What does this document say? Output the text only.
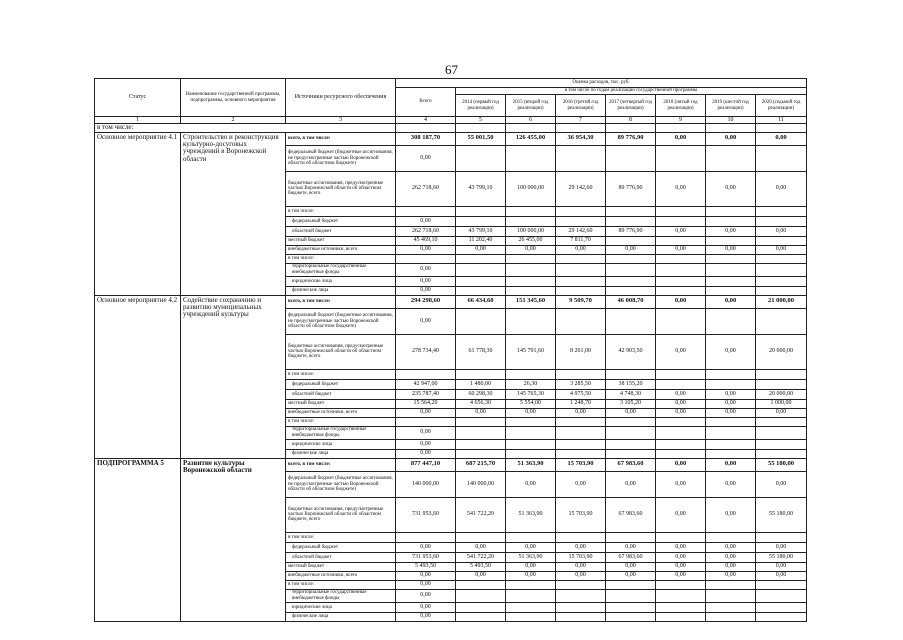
67
Статус	Наименование государственной программы, подпрограммы, основного мероприятия	Источники ресурсного обеспечения	Оценка расходов, тыс. руб.							
			Всего	в том числе по годам реализации государственной программы						
				2014 (первый год реализации)	2015 (второй год реализации)	2016 (третий год реализации)	2017 (четвертый год реализации)	2018 (пятый год реализации)	2019 (шестой год реализации)	2020 (седьмой год реализации)
1	2	3	4	5	6	7	8	9	10	11
в том числе:										
Основное мероприятие 4.1	Строительство и реконструкция культурно-досуговых учреждений в Воронежской области	всего, в том числе:	308 187,70	55 001,50	126 455,00	36 954,30	89 776,90	0,00	0,00	0,00
		федеральный бюджет (бюджетные ассигнования, не предусмотренные частью Воронежской области об областном бюджете)	0,00							
		бюджетные ассигнования, предусмотренные частью Воронежской области об областном бюджете, всего	262 718,60	43 799,10	100 000,00	29 142,60	89 776,90	0,00	0,00	0,00
		в том числе:								
		федеральный бюджет	0,00							
		областной бюджет	262 718,60	43 799,10	100 000,00	29 142,60	89 776,90	0,00	0,00	0,00
		местный бюджет	45 469,10	11 202,40	26 455,00	7 811,70				
		внебюджетные источники, всего	0,00	0,00	0,00	0,00	0,00	0,00	0,00	0,00
		в том числе:								
		территориальные государственные внебюджетные фонды	0,00							
		юридические лица	0,00							
		физические лица	0,00							
Основное мероприятие 4.2	Содействие сохранению и развитию муниципальных учреждений культуры	всего, в том числе:	294 298,60	66 434,60	151 345,60	9 509,70	46 008,70	0,00	0,00	21 000,00
		федеральный бюджет (бюджетные ассигнования, не предусмотренные частью Воронежской области об областном бюджете)	0,00							
		бюджетные ассигнования, предусмотренные частью Воронежской области об областном бюджете, всего	278 734,40	61 778,30	145 791,60	8 261,00	42 903,50	0,00	0,00	20 000,00
		в том числе:								
		федеральный бюджет	42 947,00	1 480,00	26,30	3 285,50	38 155,20			
		областной бюджет	235 787,40	60 298,30	145 765,30	4 975,50	4 748,30	0,00	0,00	20 000,00
		местный бюджет	15 564,20	4 656,30	5 554,00	1 248,70	3 105,20	0,00	0,00	1 000,00
		внебюджетные источники, всего	0,00	0,00	0,00	0,00	0,00	0,00	0,00	0,00
		в том числе:								
		территориальные государственные внебюджетные фонды	0,00							
		юридические лица	0,00							
		физические лица	0,00							
ПОДПРОГРАММА 5	Развитие культуры Воронежской области	всего, в том числе:	877 447,10	687 215,70	51 363,90	15 703,90	67 983,60	0,00	0,00	55 180,00
		федеральный бюджет (бюджетные ассигнования, не предусмотренные частью Воронежской области об областном бюджете)	140 000,00	140 000,00	0,00	0,00	0,00	0,00	0,00	0,00
		бюджетные ассигнования, предусмотренные частью Воронежской области об областном бюджете, всего	731 953,60	541 722,20	51 363,90	15 703,90	67 983,60	0,00	0,00	55 180,00
		в том числе:								
		федеральный бюджет	0,00	0,00	0,00	0,00	0,00	0,00	0,00	0,00
		областной бюджет	731 953,60	541 722,20	51 363,90	15 703,90	67 983,60	0,00	0,00	55 180,00
		местный бюджет	5 493,50	5 493,50	0,00	0,00	0,00	0,00	0,00	0,00
		внебюджетные источники, всего	0,00	0,00	0,00	0,00	0,00	0,00	0,00	0,00
		в том числе:	0,00							
		территориальные государственные внебюджетные фонды	0,00							
		юридические лица	0,00							
		физические лица	0,00							
